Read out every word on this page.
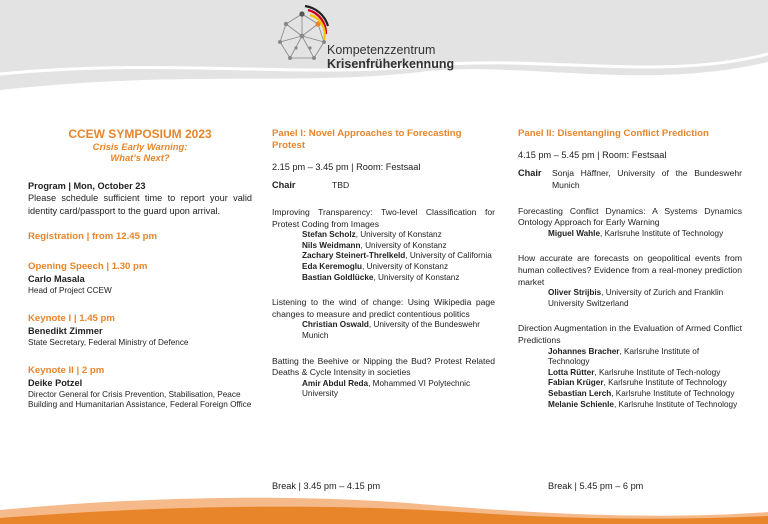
Kompetenzzentrum
Krisenfrüherkennung
CCEW SYMPOSIUM 2023
Crisis Early Warning:
What’s Next?
Program | Mon, October 23
Please schedule sufficient time to report your valid identity card/passport to the guard upon arrival.
Registration | from 12.45 pm
Opening Speech | 1.30 pm
Carlo Masala
Head of Project CCEW
Keynote I | 1.45 pm
Benedikt Zimmer
State Secretary, Federal Ministry of Defence
Keynote II | 2 pm
Deike Potzel
Director General for Crisis Prevention, Stabilisation, Peace Building and Humanitarian Assistance, Federal Foreign Office
Panel I: Novel Approaches to Forecasting Protest
2.15 pm – 3.45 pm | Room: Festsaal
Chair	TBD
Improving Transparency: Two-level Classification for Protest Coding from Images
Stefan Scholz, University of Konstanz
Nils Weidmann, University of Konstanz
Zachary Steinert-Threlkeld, University of California
Eda Keremoglu, University of Konstanz
Bastian Goldlücke, University of Konstanz
Listening to the wind of change: Using Wikipedia page changes to measure and predict contentious politics
Christian Oswald, University of the Bundeswehr Munich
Batting the Beehive or Nipping the Bud? Protest Related Deaths & Cycle Intensity in societies
Amir Abdul Reda, Mohammed VI Polytechnic University
Break | 3.45 pm – 4.15 pm
Panel II: Disentangling Conflict Prediction
4.15 pm – 5.45 pm | Room: Festsaal
Chair	Sonja Häffner, University of the Bundeswehr Munich
Forecasting Conflict Dynamics: A Systems Dynamics Ontology Approach for Early Warning
Miguel Wahle, Karlsruhe Institute of Technology
How accurate are forecasts on geopolitical events from human collectives? Evidence from a real-money prediction market
Oliver Strijbis, University of Zurich and Franklin University Switzerland
Direction Augmentation in the Evaluation of Armed Conflict Predictions
Johannes Bracher, Karlsruhe Institute of Technology
Lotta Rütter, Karlsruhe Institute of Tech-nology
Fabian Krüger, Karlsruhe Institute of Technology
Sebastian Lerch, Karlsruhe Institute of Technology
Melanie Schienle, Karlsruhe Institute of Technology
Break | 5.45 pm – 6 pm
